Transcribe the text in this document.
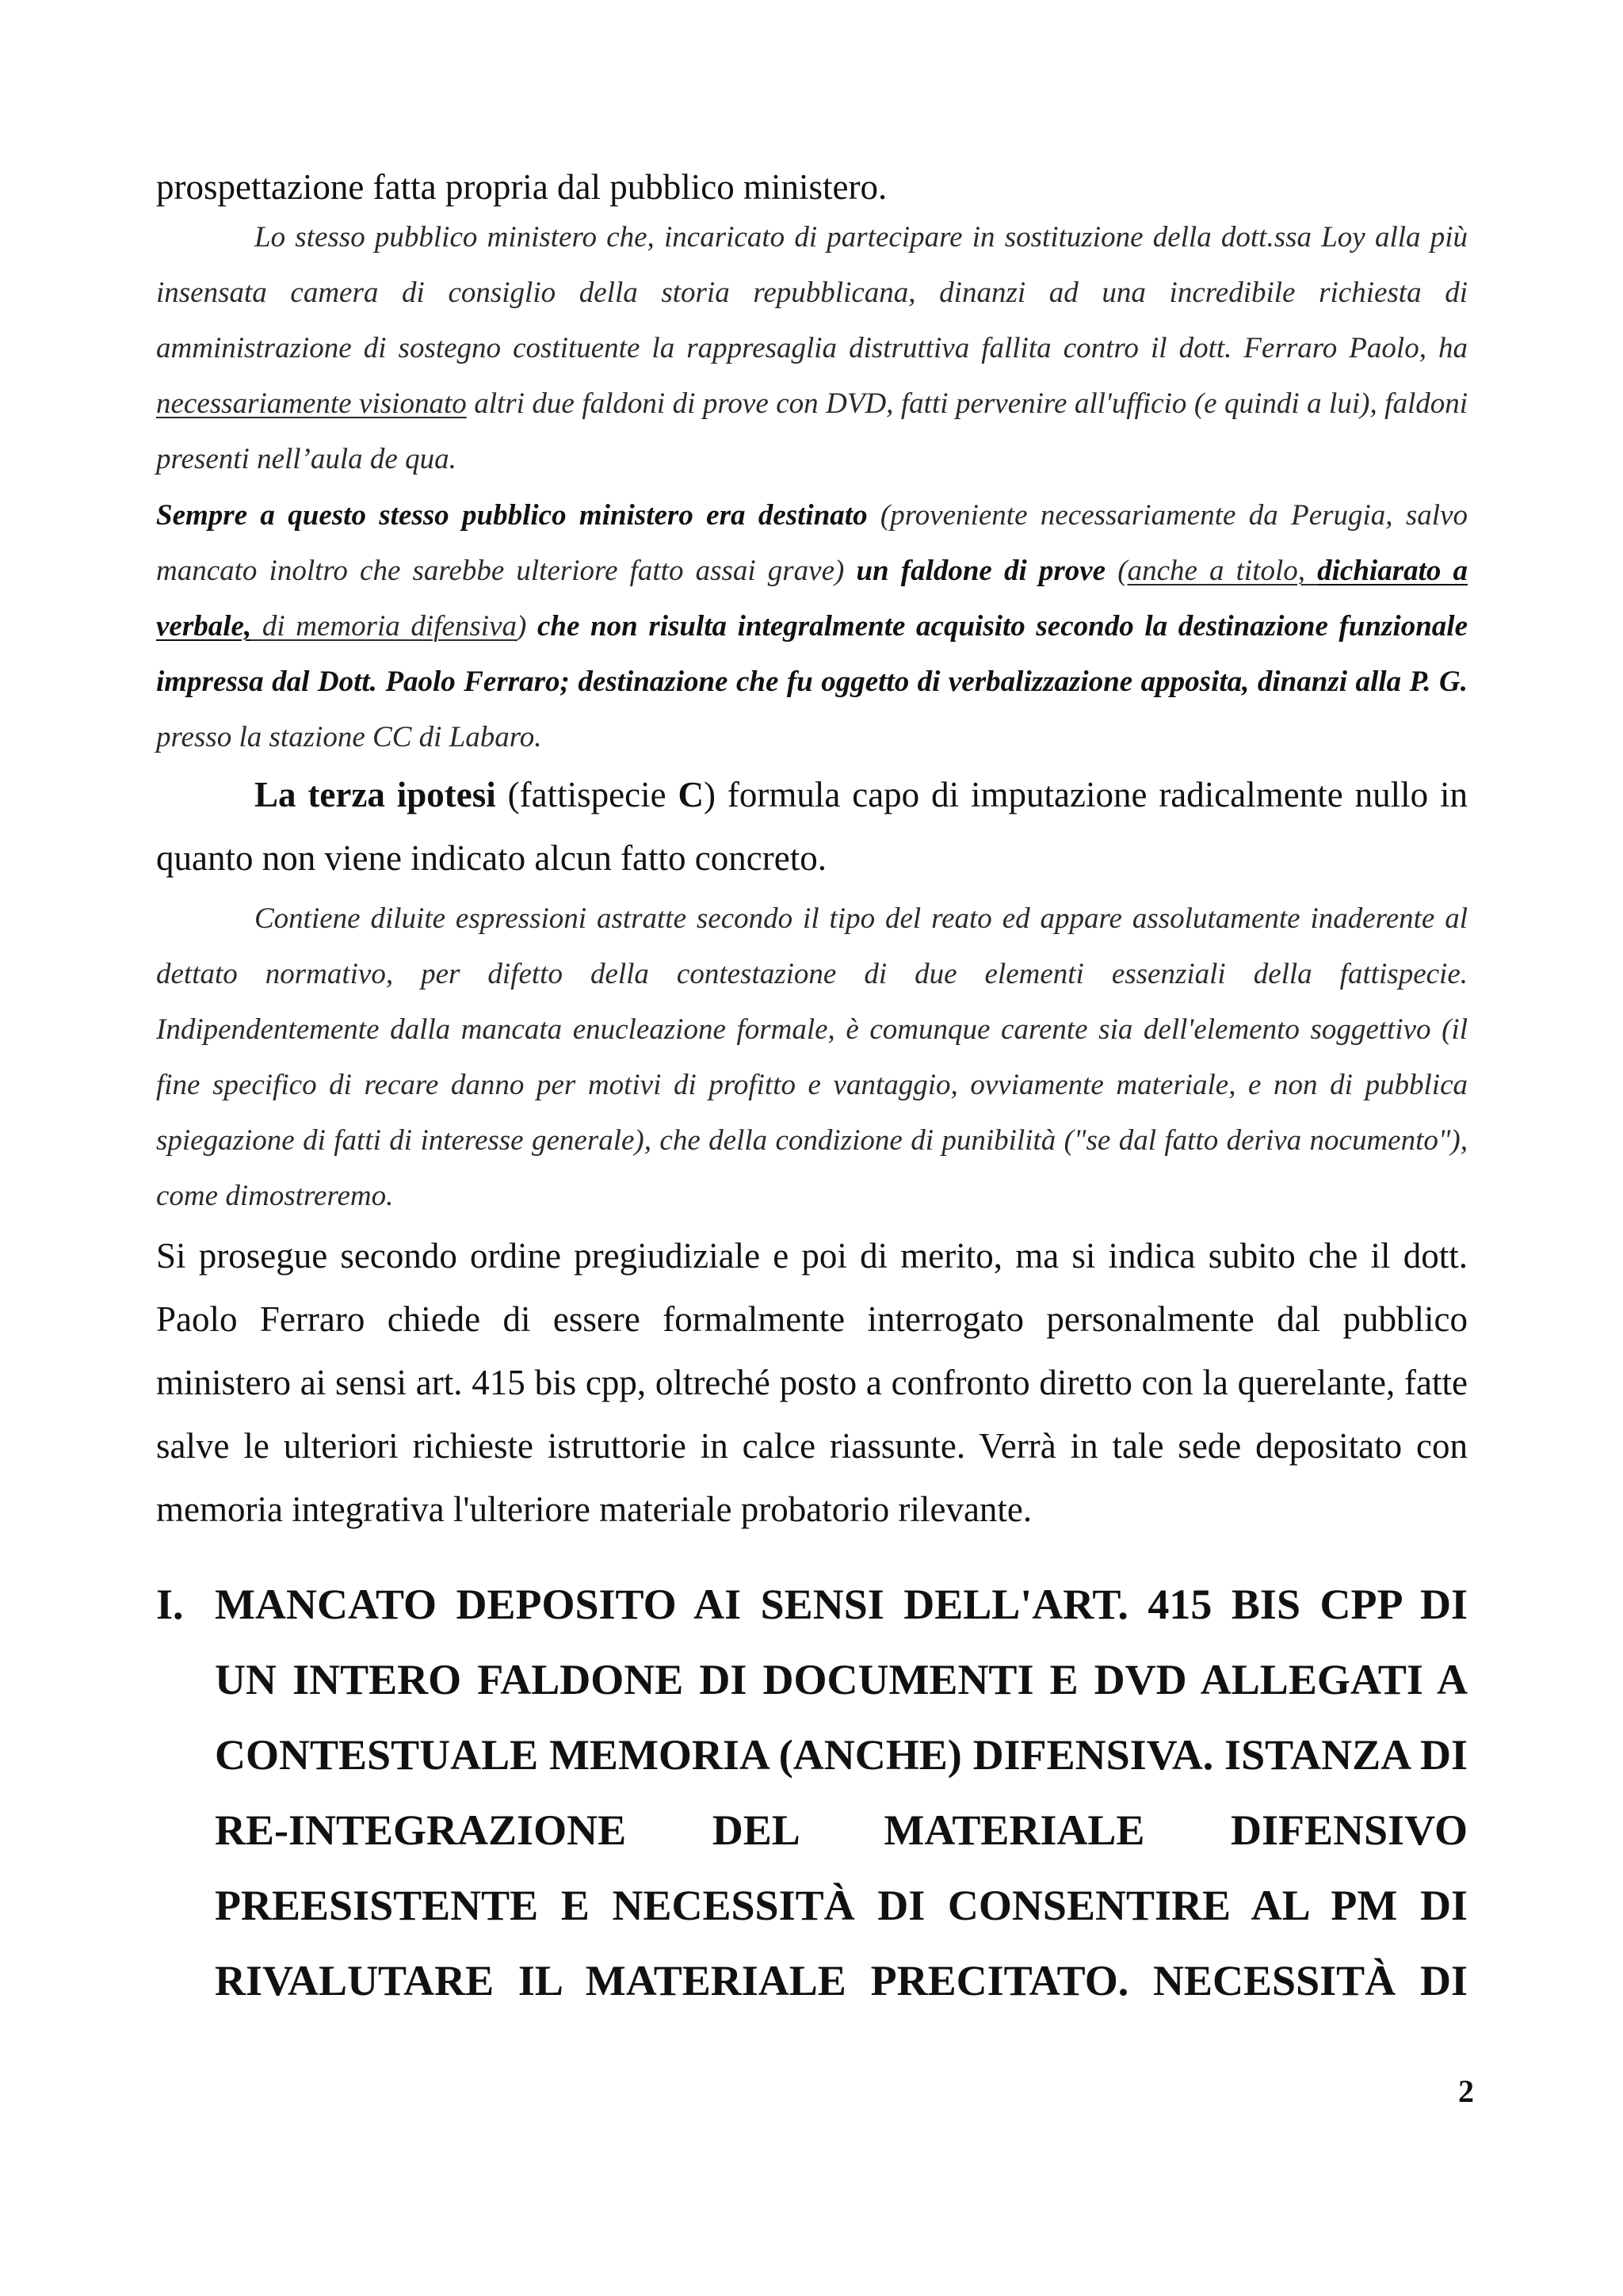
prospettazione fatta propria dal pubblico ministero.
Lo stesso pubblico ministero che, incaricato di partecipare in sostituzione della dott.ssa Loy alla più insensata camera di consiglio della storia repubblicana, dinanzi ad una incredibile richiesta di amministrazione di sostegno costituente la rappresaglia distruttiva fallita contro il dott. Ferraro Paolo, ha necessariamente visionato altri due faldoni di prove con DVD, fatti pervenire all'ufficio (e quindi a lui), faldoni presenti nell’aula de qua.
Sempre a questo stesso pubblico ministero era destinato (proveniente necessariamente da Perugia, salvo mancato inoltro che sarebbe ulteriore fatto assai grave) un faldone di prove (anche a titolo, dichiarato a verbale, di memoria difensiva) che non risulta integralmente acquisito secondo la destinazione funzionale impressa dal Dott. Paolo Ferraro; destinazione che fu oggetto di verbalizzazione apposita, dinanzi alla P. G. presso la stazione CC di Labaro.
La terza ipotesi (fattispecie C) formula capo di imputazione radicalmente nullo in quanto non viene indicato alcun fatto concreto.
Contiene diluite espressioni astratte secondo il tipo del reato ed appare assolutamente inaderente al dettato normativo, per difetto della contestazione di due elementi essenziali della fattispecie. Indipendentemente dalla mancata enucleazione formale, è comunque carente sia dell'elemento soggettivo (il fine specifico di recare danno per motivi di profitto e vantaggio, ovviamente materiale, e non di pubblica spiegazione di fatti di interesse generale), che della condizione di punibilità ("se dal fatto deriva nocumento"), come dimostreremo.
Si prosegue secondo ordine pregiudiziale e poi di merito, ma si indica subito che il dott. Paolo Ferraro chiede di essere formalmente interrogato personalmente dal pubblico ministero ai sensi art. 415 bis cpp, oltreché posto a confronto diretto con la querelante, fatte salve le ulteriori richieste istruttorie in calce riassunte. Verrà in tale sede depositato con memoria integrativa l'ulteriore materiale probatorio rilevante.
I. MANCATO DEPOSITO AI SENSI DELL'ART. 415 BIS CPP DI UN INTERO FALDONE DI DOCUMENTI E DVD ALLEGATI A CONTESTUALE MEMORIA (ANCHE) DIFENSIVA. ISTANZA DI RE-INTEGRAZIONE DEL MATERIALE DIFENSIVO PREESISTENTE E NECESSITÀ DI CONSENTIRE AL PM DI RIVALUTARE IL MATERIALE PRECITATO. NECESSITÀ DI
2
